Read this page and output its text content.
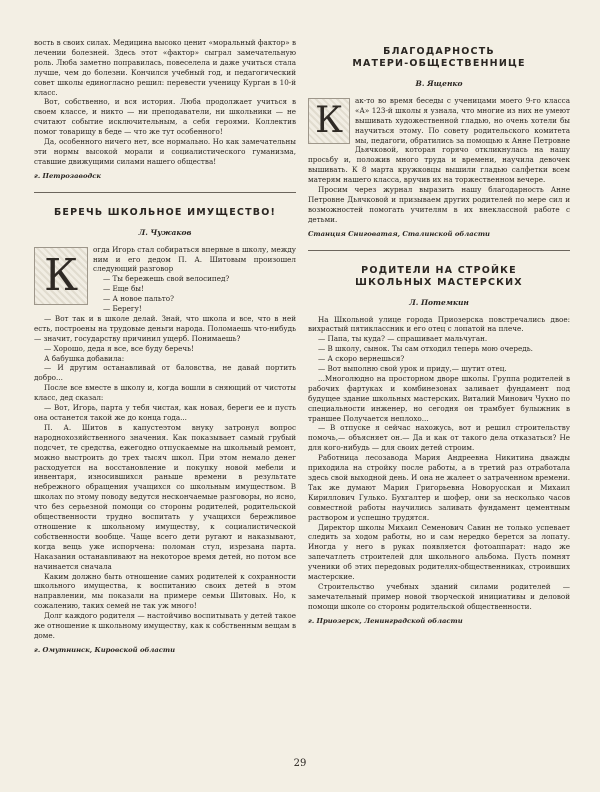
вость в своих силах. Медицина высоко ценит «моральный фактор» в лечении болезней. Здесь этот «фактор» сыграл замечательную роль. Люба заметно поправилась, повеселела и даже учиться стала лучше, чем до болезни. Кончился учебный год, и педагогический совет школы единогласно решил: перевести ученицу Курган в 10-й класс.

Вот, собственно, и вся история. Люба продолжает учиться в своем классе, и никто — ни преподаватели, ни школьники — не считают событие исключительным, а себя героями. Коллектив помог товарищу в беде — что же тут особенного!

Да, особенного ничего нет, все нормально. Но как замечательны эти нормы высокой морали и социалистического гуманизма, ставшие движущими силами нашего общества!

г. Петрозаводск

БЕРЕЧЬ ШКОЛЬНОЕ ИМУЩЕСТВО!
Л. Чужаков
К

огда Игорь стал собираться впервые в школу, между ним и его дедом П. А. Шитовым произошел следующий разговор

— Ты бережешь свой велосипед?

— Еще бы!

— А новое пальто?

— Берегу!

— Вот так и в школе делай. Знай, что школа и все, что в ней есть, построены на трудовые деньги народа. Поломаешь что-нибудь — значит, государству причинил ущерб. Понимаешь?

— Хорошо, деда я все, все буду беречь!

А бабушка добавила:

— И другим останавливай от баловства, не давай портить добро...

После все вместе в школу и, когда вошли в сняющий от чистоты класс, дед сказал:

— Вот, Игорь, парта у тебя чистая, как новая, береги ее и пусть она останется такой же до конца года...

П. А. Шитов в капустеэтом внуку затронул вопрос народнохозяйственного значения. Как показывает самый грубый подсчет, те средства, ежегодно отпускаемые на школьный ремонт, можно выстроить до трех тысяч школ. При этом немало денег расходуется на восстановление и покупку новой мебели и инвентаря, износившихся раньше времени в результате небрежного обращения учащихся со школьным имуществом. В школах по этому поводу ведутся нескончаемые разговоры, но ясно, что без серьезной помощи со стороны родителей, родительской общественности трудно воспитать у учащихся бережливое отношение к школьному имуществу, к социалистической собственности вообще. Чаще всего дети ругают и наказывают, когда вещь уже испорчена: поломан стул, изрезана парта. Наказания останавливают на некоторое время детей, но потом все начинается сначала

Каким должно быть отношение самих родителей к сохранности школьного имущества, к воспитанию своих детей в этом направлении, мы показали на примере семьи Шитовых. Но, к сожалению, таких семей не так уж много!

Долг каждого родителя — настойчиво воспитывать у детей такое же отношение к школьному имуществу, как к собственным вещам в доме.

г. Омутнинск, Кировской области

БЛАГОДАРНОСТЬ
МАТЕРИ-ОБЩЕСТВЕННИЦЕ
В. Ященко
К	ак-то во время беседы с ученицами моего 9-го класса «А» 123-й школы я узнала, что многие из них не умеют вышивать художественной гладью, но очень хотели бы научиться этому. По совету родительского комитета мы, педагоги, обратились за помощью к Анне Петровне Дьячковой, которая горячо откликнулась на нашу просьбу и, положив много труда и времени, научила девочек вышивать. К 8 марта кружковцы вышили гладью салфетки всем матерям нашего класса, вручив их на торжественном вечере.

Просим через журнал выразить нашу благодарность Анне Петровне Дьячковой и призываем других родителей по мере сил и возможностей помогать учителям в их внеклассной работе с детьми.

Станция Сниговатая, Сталинской области

РОДИТЕЛИ НА СТРОЙКЕ
ШКОЛЬНЫХ МАСТЕРСКИХ
Л. Потемкин

На Школьной улице города Приозерска повстречались двое: вихрастый пятиклассник и его отец с лопатой на плече.

— Папа, ты куда? — спрашивает мальчуган.

— В школу, сынок. Ты сам отходил теперь мою очередь.

— А скоро вернешься?

— Вот выполню свой урок и приду,— шутит отец.

...Многолюдно на просторном дворе школы. Группа родителей в рабочих фартуках и комбинезонах заливает фундамент под будущее здание школьных мастерских. Виталий Минович Чухно по специальности инженер, но сегодня он трамбует булыжник в траншее Получается неплохо...

— В отпуске я сейчас нахожусь, вот и решил строительству помочь,— объясняет он.— Да и как от такого дела отказаться? Не для кого-нибудь — для своих детей строим.

Работница лесозавода Мария Андреевна Никитина дважды приходила на стройку после работы, а в третий раз отработала здесь свой выходной день. И она не жалеет о затраченном времени. Так же думают Мария Григорьевна Новорусская и Михаил Кириллович Гулько. Бухгалтер и шофер, они за несколько часов совместной работы научились заливать фундамент цементным раствором и успешно трудятся.

Директор школы Михаил Семенович Савин не только успевает следить за ходом работы, но и сам нередко берется за лопату. Иногда у него в руках появляется фотоаппарат: надо же запечатлеть строителей для школьного альбома. Пусть помнят ученики об этих передовых родителях-общественниках, строивших мастерские.

Строительство учебных зданий силами родителей — замечательный пример новой творческой инициативы и деловой помощи школе со стороны родительской общественности.

г. Приозерск, Ленинградской области

29
